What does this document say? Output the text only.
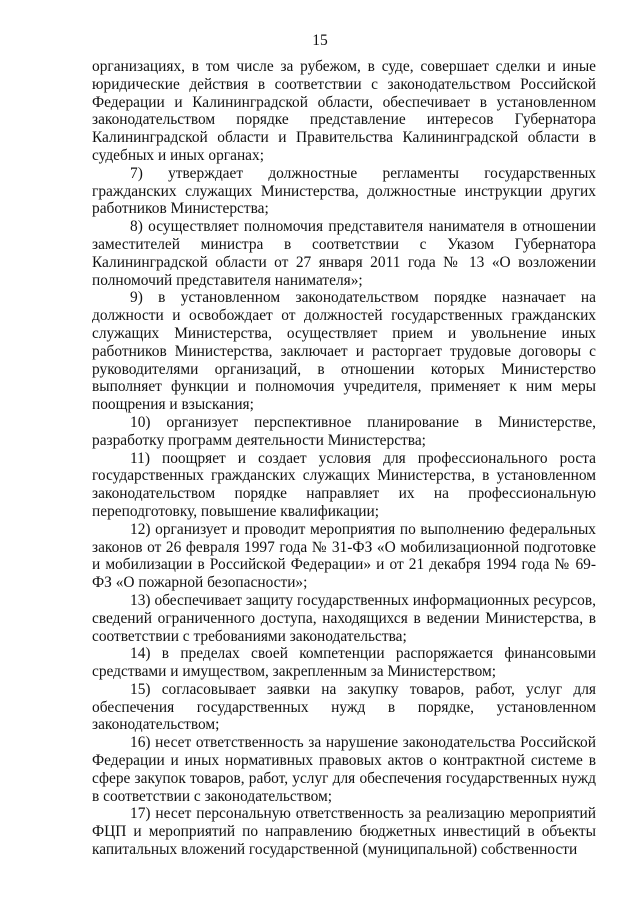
15

организациях, в том числе за рубежом, в суде, совершает сделки и иные юридические действия в соответствии с законодательством Российской Федерации и Калининградской области, обеспечивает в установленном законодательством порядке представление интересов Губернатора Калининградской области и Правительства Калининградской области в судебных и иных органах;

7) утверждает должностные регламенты государственных гражданских служащих Министерства, должностные инструкции других работников Министерства;

8) осуществляет полномочия представителя нанимателя в отношении заместителей министра в соответствии с Указом Губернатора Калининградской области от 27 января 2011 года № 13 «О возложении полномочий представителя нанимателя»;

9) в установленном законодательством порядке назначает на должности и освобождает от должностей государственных гражданских служащих Министерства, осуществляет прием и увольнение иных работников Министерства, заключает и расторгает трудовые договоры с руководителями организаций, в отношении которых Министерство выполняет функции и полномочия учредителя, применяет к ним меры поощрения и взыскания;

10) организует перспективное планирование в Министерстве, разработку программ деятельности Министерства;

11) поощряет и создает условия для профессионального роста государственных гражданских служащих Министерства, в установленном законодательством порядке направляет их на профессиональную переподготовку, повышение квалификации;

12) организует и проводит мероприятия по выполнению федеральных законов от 26 февраля 1997 года № 31-ФЗ «О мобилизационной подготовке и мобилизации в Российской Федерации» и от 21 декабря 1994 года № 69-ФЗ «О пожарной безопасности»;

13) обеспечивает защиту государственных информационных ресурсов, сведений ограниченного доступа, находящихся в ведении Министерства, в соответствии с требованиями законодательства;

14) в пределах своей компетенции распоряжается финансовыми средствами и имуществом, закрепленным за Министерством;

15) согласовывает заявки на закупку товаров, работ, услуг для обеспечения государственных нужд в порядке, установленном законодательством;

16) несет ответственность за нарушение законодательства Российской Федерации и иных нормативных правовых актов о контрактной системе в сфере закупок товаров, работ, услуг для обеспечения государственных нужд в соответствии с законодательством;

17) несет персональную ответственность за реализацию мероприятий ФЦП и мероприятий по направлению бюджетных инвестиций в объекты капитальных вложений государственной (муниципальной) собственности
